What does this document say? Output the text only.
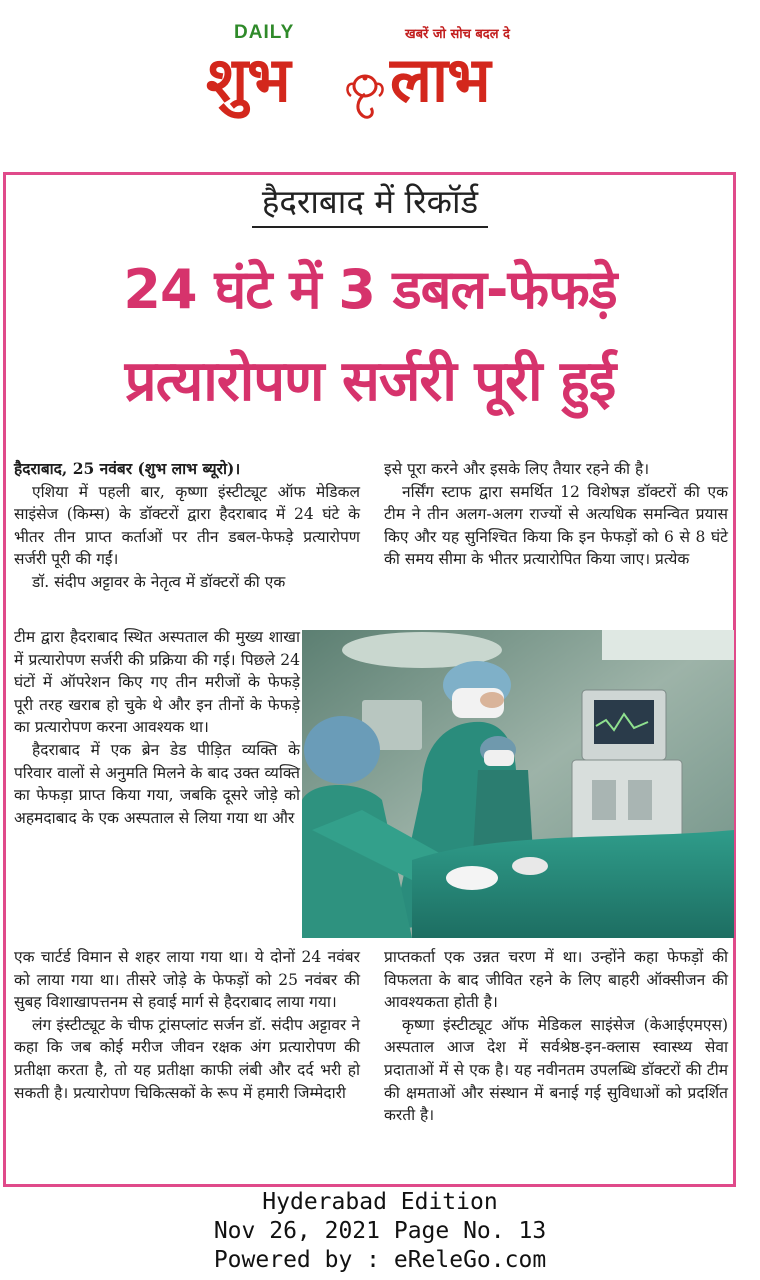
DAILY	खबरें जो सोच बदल दे
शुभ लाभ
हैदराबाद में रिकॉर्ड
24 घंटे में 3 डबल-फेफड़े
प्रत्यारोपण सर्जरी पूरी हुई

हैदराबाद, 25 नवंबर (शुभ लाभ ब्यूरो)।

एशिया में पहली बार, कृष्णा इंस्टीट्यूट ऑफ मेडिकल साइंसेज (किम्स) के डॉक्टरों द्वारा हैदराबाद में 24 घंटे के भीतर तीन प्राप्त कर्ताओं पर तीन डबल-फेफड़े प्रत्यारोपण सर्जरी पूरी की गईं।

डॉ. संदीप अट्टावर के नेतृत्व में डॉक्टरों की एक

टीम द्वारा हैदराबाद स्थित अस्पताल की मुख्य शाखा में प्रत्यारोपण सर्जरी की प्रक्रिया की गई। पिछले 24 घंटों में ऑपरेशन किए गए तीन मरीजों के फेफड़े पूरी तरह खराब हो चुके थे और इन तीनों के फेफड़े का प्रत्यारोपण करना आवश्यक था।

हैदराबाद में एक ब्रेन डेड पीड़ित व्यक्ति के परिवार वालों से अनुमति मिलने के बाद उक्त व्यक्ति का फेफड़ा प्राप्त किया गया, जबकि दूसरे जोड़े को अहमदाबाद के एक अस्पताल से लिया गया था और

एक चार्टर्ड विमान से शहर लाया गया था। ये दोनों 24 नवंबर को लाया गया था। तीसरे जोड़े के फेफड़ों को 25 नवंबर की सुबह विशाखापत्तनम से हवाई मार्ग से हैदराबाद लाया गया।

लंग इंस्टीट्यूट के चीफ ट्रांसप्लांट सर्जन डॉ. संदीप अट्टावर ने कहा कि जब कोई मरीज जीवन रक्षक अंग प्रत्यारोपण की प्रतीक्षा करता है, तो यह प्रतीक्षा काफी लंबी और दर्द भरी हो सकती है। प्रत्यारोपण चिकित्सकों के रूप में हमारी जिम्मेदारी

इसे पूरा करने और इसके लिए तैयार रहने की है।

नर्सिंग स्टाफ द्वारा समर्थित 12 विशेषज्ञ डॉक्टरों की एक टीम ने तीन अलग-अलग राज्यों से अत्यधिक समन्वित प्रयास किए और यह सुनिश्चित किया कि इन फेफड़ों को 6 से 8 घंटे की समय सीमा के भीतर प्रत्यारोपित किया जाए। प्रत्येक

प्राप्तकर्ता एक उन्नत चरण में था। उन्होंने कहा फेफड़ों की विफलता के बाद जीवित रहने के लिए बाहरी ऑक्सीजन की आवश्यकता होती है।

कृष्णा इंस्टीट्यूट ऑफ मेडिकल साइंसेज (केआईएमएस) अस्पताल आज देश में सर्वश्रेष्ठ-इन-क्लास स्वास्थ्य सेवा प्रदाताओं में से एक है। यह नवीनतम उपलब्धि डॉक्टरों की टीम की क्षमताओं और संस्थान में बनाई गई सुविधाओं को प्रदर्शित करती है।

Hyderabad Edition
Nov 26, 2021 Page No. 13
Powered by : eReleGo.com
